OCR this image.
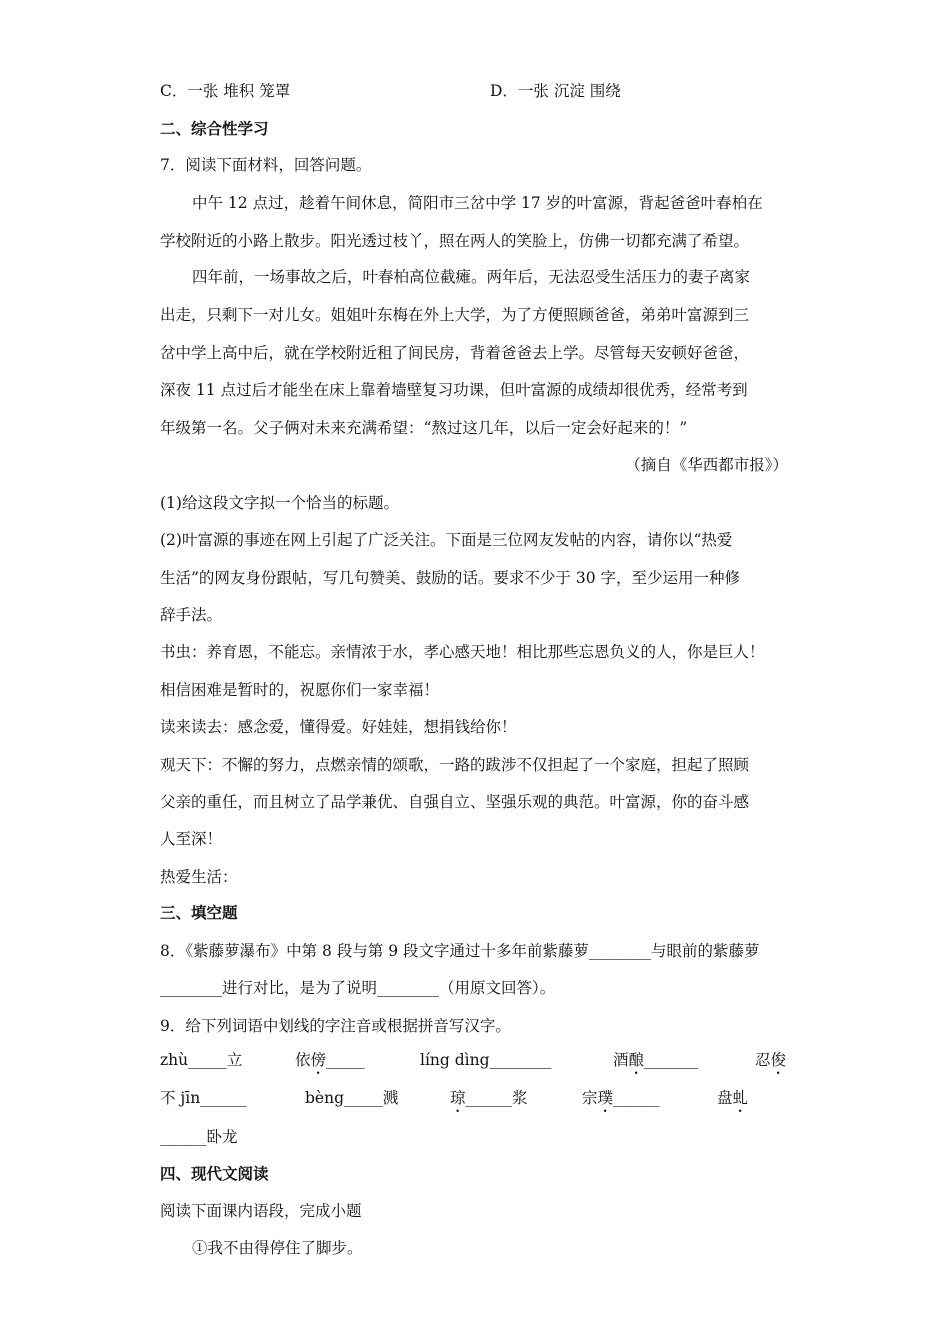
C．一张 堆积 笼罩	D．一张 沉淀 围绕
二、综合性学习
7．阅读下面材料，回答问题。
中午 12 点过，趁着午间休息，简阳市三岔中学 17 岁的叶富源，背起爸爸叶春柏在
学校附近的小路上散步。阳光透过枝丫，照在两人的笑脸上，仿佛一切都充满了希望。
四年前，一场事故之后，叶春柏高位截瘫。两年后，无法忍受生活压力的妻子离家
出走，只剩下一对儿女。姐姐叶东梅在外上大学，为了方便照顾爸爸，弟弟叶富源到三
岔中学上高中后，就在学校附近租了间民房，背着爸爸去上学。尽管每天安顿好爸爸，
深夜 11 点过后才能坐在床上靠着墙壁复习功课，但叶富源的成绩却很优秀，经常考到
年级第一名。父子俩对未来充满希望：“熬过这几年，以后一定会好起来的！”
（摘自《华西都市报》）
(1)给这段文字拟一个恰当的标题。
(2)叶富源的事迹在网上引起了广泛关注。下面是三位网友发帖的内容，请你以“热爱
生活”的网友身份跟帖，写几句赞美、鼓励的话。要求不少于 30 字，至少运用一种修
辞手法。
书虫：养育恩，不能忘。亲情浓于水，孝心感天地！相比那些忘恩负义的人，你是巨人！
相信困难是暂时的，祝愿你们一家幸福！
读来读去：感念爱，懂得爱。好娃娃，想捐钱给你！
观天下：不懈的努力，点燃亲情的颂歌，一路的跋涉不仅担起了一个家庭，担起了照顾
父亲的重任，而且树立了品学兼优、自强自立、坚强乐观的典范。叶富源，你的奋斗感
人至深！
热爱生活：
三、填空题
8．《紫藤萝瀑布》中第 8 段与第 9 段文字通过十多年前紫藤萝________与眼前的紫藤萝
________进行对比，是为了说明________（用原文回答）。
9．给下列词语中划线的字注音或根据拼音写汉字。
zhù_____立	依傍_____	líng dìng________	酒酿_______	忍俊
不 jīn______	bèng_____溅	琼______浆	宗璞______	盘虬
______卧龙
四、现代文阅读
阅读下面课内语段，完成小题
①我不由得停住了脚步。
